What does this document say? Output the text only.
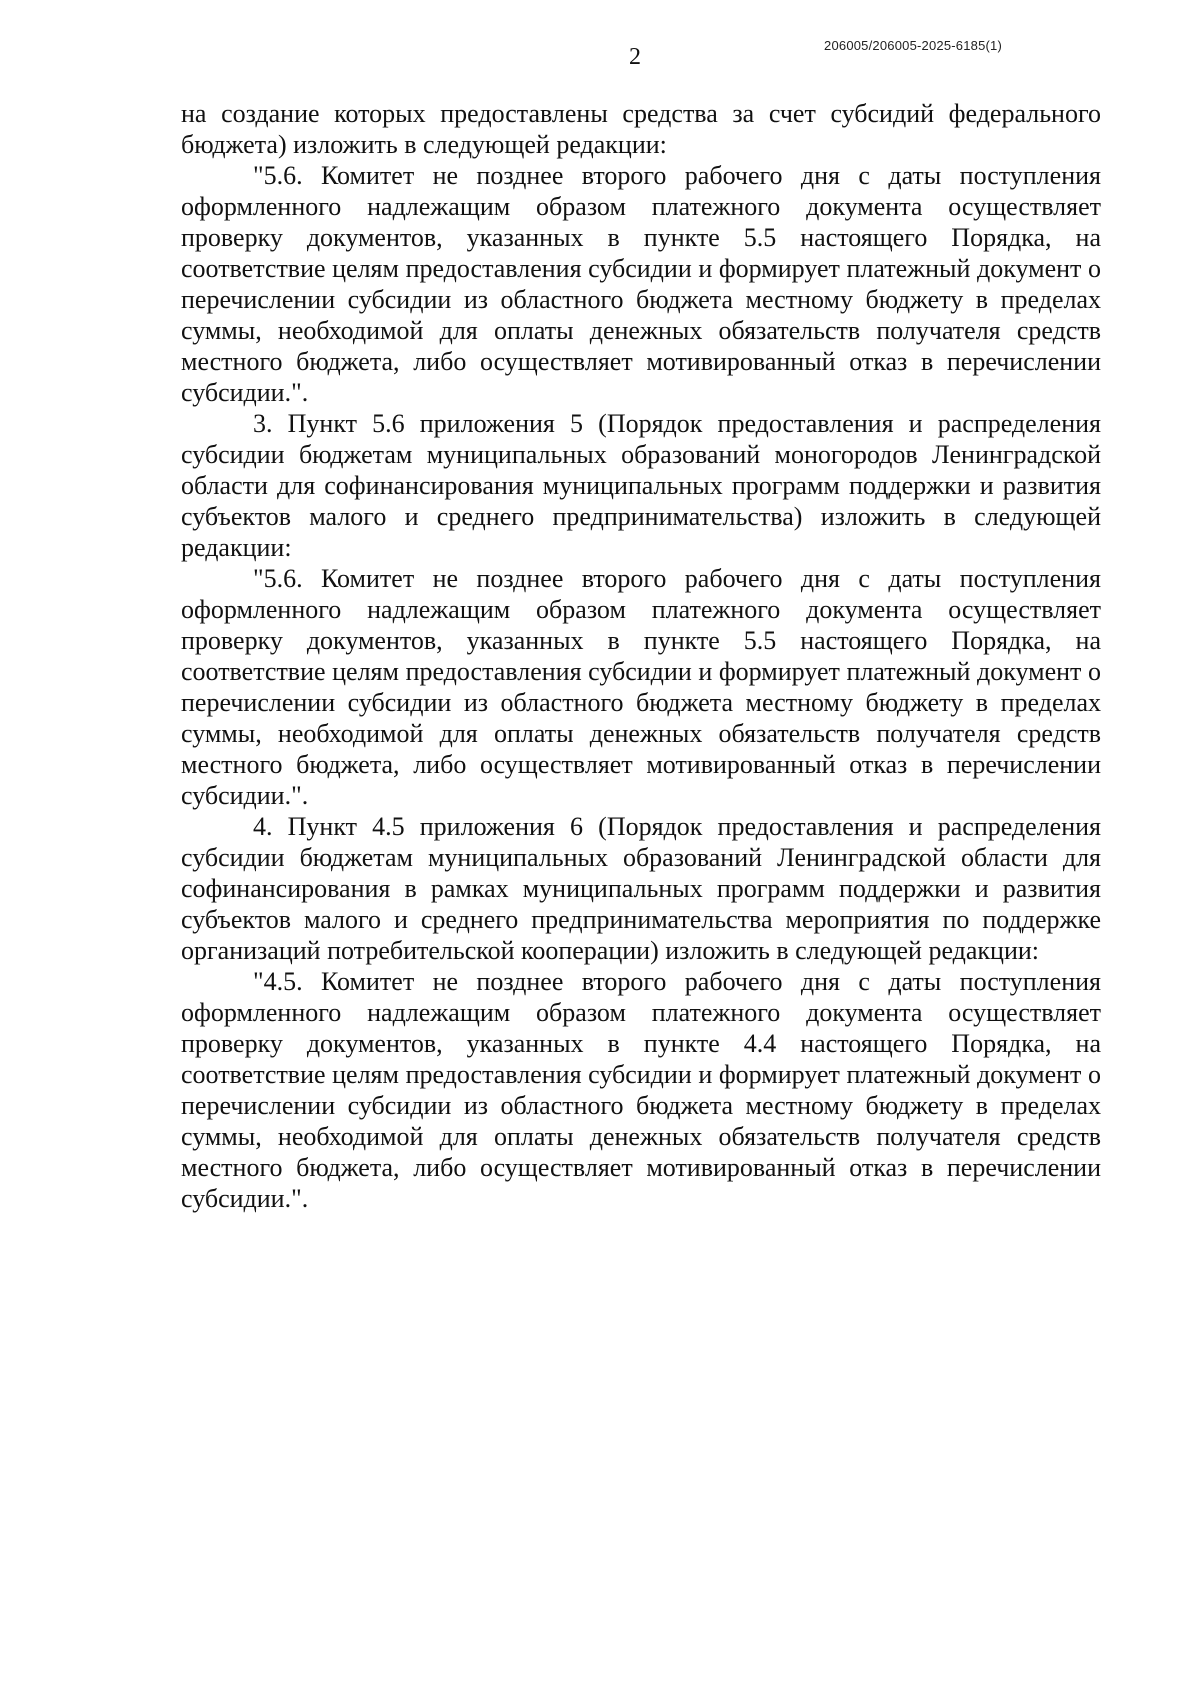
206005/206005-2025-6185(1)
2

на создание которых предоставлены средства за счет субсидий федерального бюджета) изложить в следующей редакции:

"5.6. Комитет не позднее второго рабочего дня с даты поступления оформленного надлежащим образом платежного документа осуществляет проверку документов, указанных в пункте 5.5 настоящего Порядка, на соответствие целям предоставления субсидии и формирует платежный документ о перечислении субсидии из областного бюджета местному бюджету в пределах суммы, необходимой для оплаты денежных обязательств получателя средств местного бюджета, либо осуществляет мотивированный отказ в перечислении субсидии.".

3. Пункт 5.6 приложения 5 (Порядок предоставления и распределения субсидии бюджетам муниципальных образований моногородов Ленинградской области для софинансирования муниципальных программ поддержки и развития субъектов малого и среднего предпринимательства) изложить в следующей редакции:

"5.6. Комитет не позднее второго рабочего дня с даты поступления оформленного надлежащим образом платежного документа осуществляет проверку документов, указанных в пункте 5.5 настоящего Порядка, на соответствие целям предоставления субсидии и формирует платежный документ о перечислении субсидии из областного бюджета местному бюджету в пределах суммы, необходимой для оплаты денежных обязательств получателя средств местного бюджета, либо осуществляет мотивированный отказ в перечислении субсидии.".

4. Пункт 4.5 приложения 6 (Порядок предоставления и распределения субсидии бюджетам муниципальных образований Ленинградской области для софинансирования в рамках муниципальных программ поддержки и развития субъектов малого и среднего предпринимательства мероприятия по поддержке организаций потребительской кооперации) изложить в следующей редакции:

"4.5. Комитет не позднее второго рабочего дня с даты поступления оформленного надлежащим образом платежного документа осуществляет проверку документов, указанных в пункте 4.4 настоящего Порядка, на соответствие целям предоставления субсидии и формирует платежный документ о перечислении субсидии из областного бюджета местному бюджету в пределах суммы, необходимой для оплаты денежных обязательств получателя средств местного бюджета, либо осуществляет мотивированный отказ в перечислении субсидии.".
